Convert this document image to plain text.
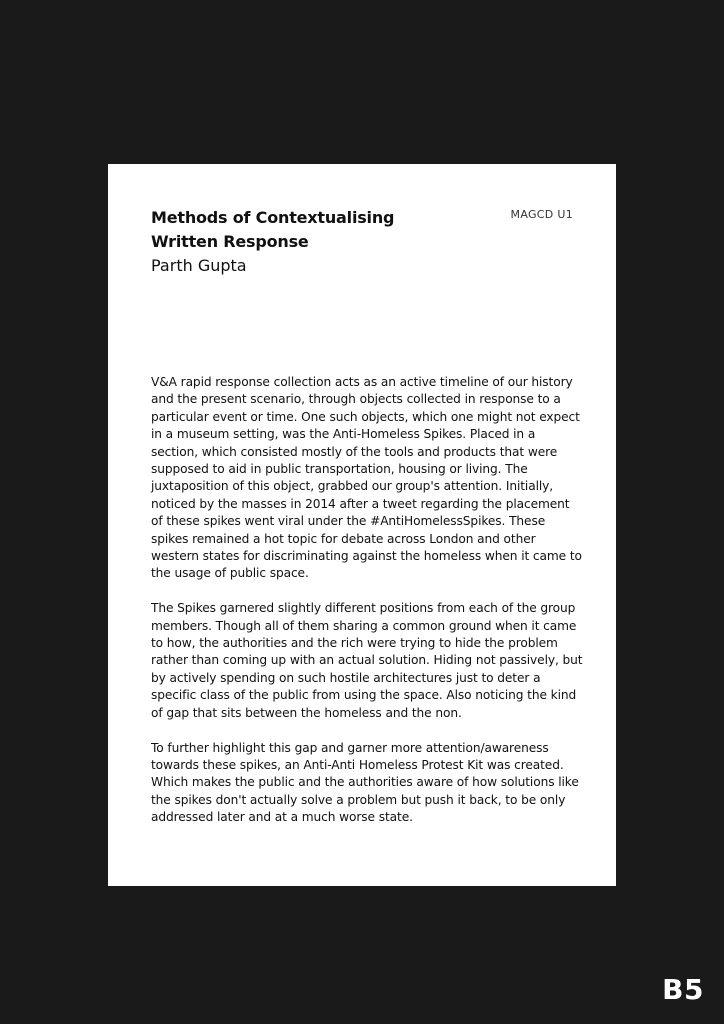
MAGCD U1
Methods of Contextualising
Written Response
Parth Gupta

V&A rapid response collection acts as an active timeline of our history and the present scenario, through objects collected in response to a particular event or time. One such objects, which one might not expect in a museum setting, was the Anti-Homeless Spikes. Placed in a section, which consisted mostly of the tools and products that were supposed to aid in public transportation, housing or living. The juxtaposition of this object, grabbed our group's attention. Initially, noticed by the masses in 2014 after a tweet regarding the placement of these spikes went viral under the #AntiHomelessSpikes. These spikes remained a hot topic for debate across London and other western states for discriminating against the homeless when it came to the usage of public space.

The Spikes garnered slightly different positions from each of the group members. Though all of them sharing a common ground when it came to how, the authorities and the rich were trying to hide the problem rather than coming up with an actual solution. Hiding not passively, but by actively spending on such hostile architectures just to deter a specific class of the public from using the space. Also noticing the kind of gap that sits between the homeless and the non.

To further highlight this gap and garner more attention/awareness towards these spikes, an Anti-Anti Homeless Protest Kit was created. Which makes the public and the authorities aware of how solutions like the spikes don't actually solve a problem but push it back, to be only addressed later and at a much worse state.

B5
